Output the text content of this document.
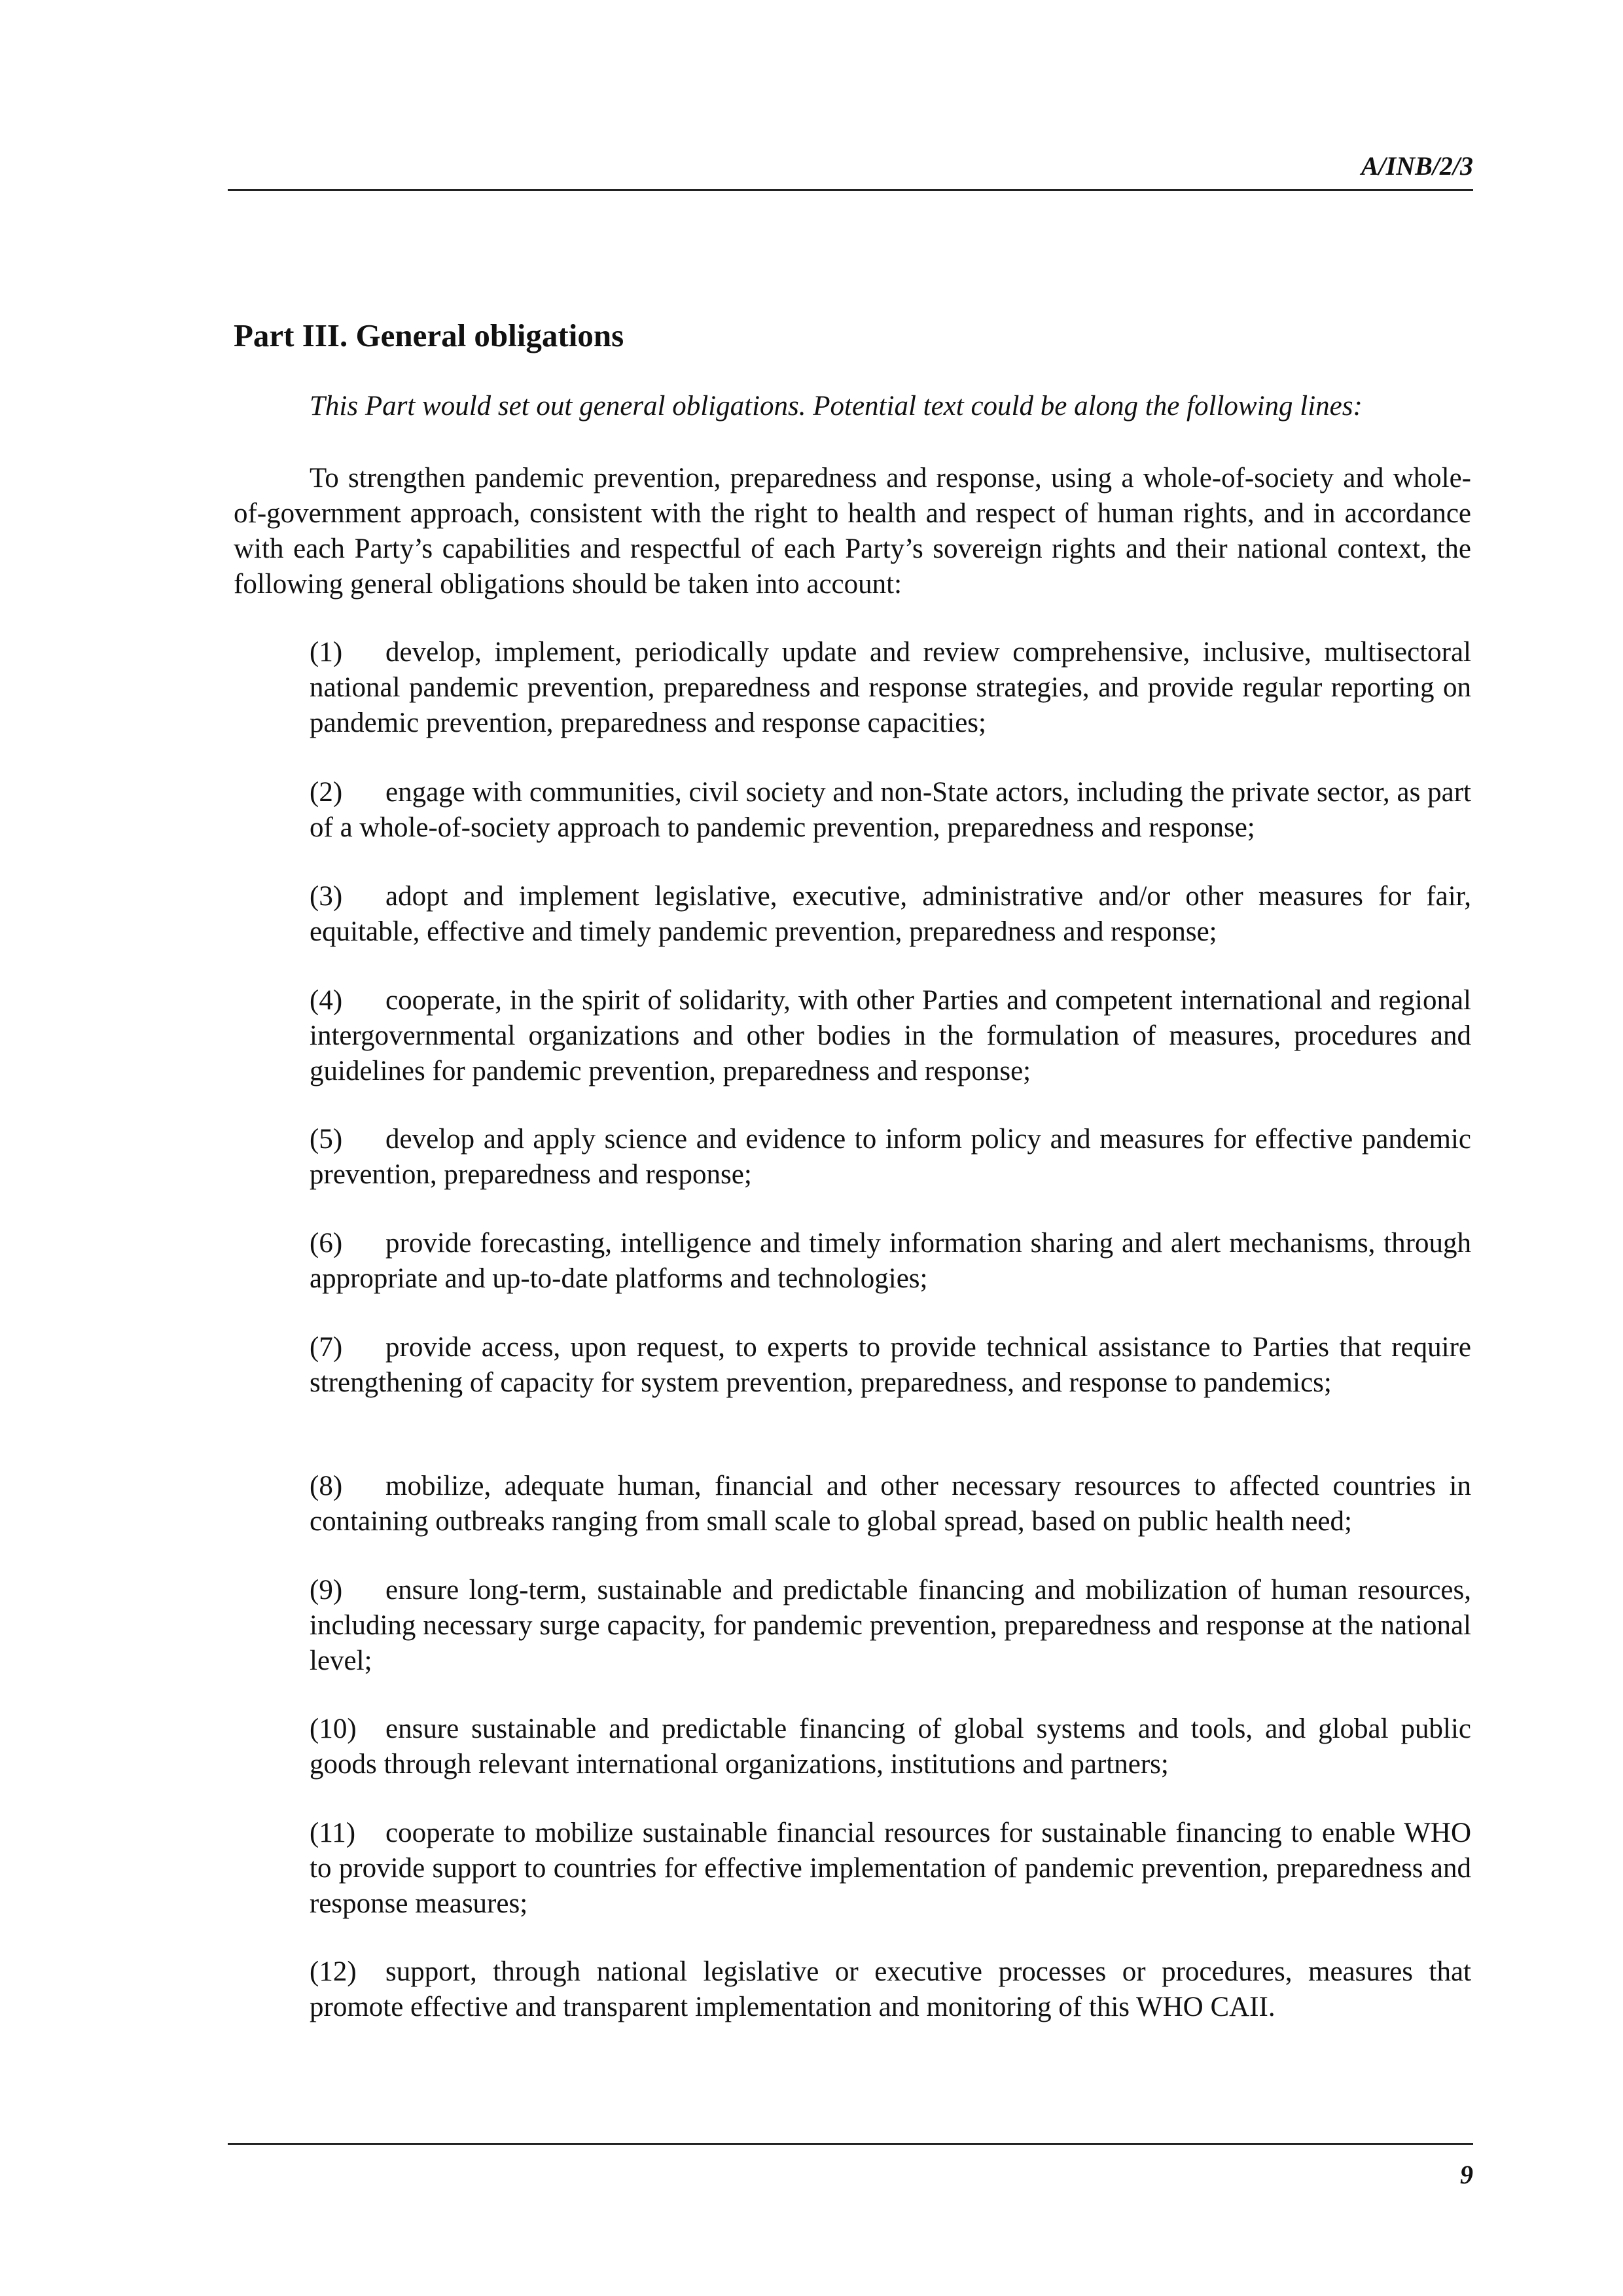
A/INB/2/3
Part III. General obligations

This Part would set out general obligations. Potential text could be along the following lines:

To strengthen pandemic prevention, preparedness and response, using a whole-of-society and whole-of-government approach, consistent with the right to health and respect of human rights, and in accordance with each Party’s capabilities and respectful of each Party’s sovereign rights and their national context, the following general obligations should be taken into account:

(1) develop, implement, periodically update and review comprehensive, inclusive, multisectoral national pandemic prevention, preparedness and response strategies, and provide regular reporting on pandemic prevention, preparedness and response capacities;

(2) engage with communities, civil society and non-State actors, including the private sector, as part of a whole-of-society approach to pandemic prevention, preparedness and response;

(3) adopt and implement legislative, executive, administrative and/or other measures for fair, equitable, effective and timely pandemic prevention, preparedness and response;

(4) cooperate, in the spirit of solidarity, with other Parties and competent international and regional intergovernmental organizations and other bodies in the formulation of measures, procedures and guidelines for pandemic prevention, preparedness and response;

(5) develop and apply science and evidence to inform policy and measures for effective pandemic prevention, preparedness and response;

(6) provide forecasting, intelligence and timely information sharing and alert mechanisms, through appropriate and up-to-date platforms and technologies;

(7) provide access, upon request, to experts to provide technical assistance to Parties that require strengthening of capacity for system prevention, preparedness, and response to pandemics;

(8) mobilize, adequate human, financial and other necessary resources to affected countries in containing outbreaks ranging from small scale to global spread, based on public health need;

(9) ensure long-term, sustainable and predictable financing and mobilization of human resources, including necessary surge capacity, for pandemic prevention, preparedness and response at the national level;

(10) ensure sustainable and predictable financing of global systems and tools, and global public goods through relevant international organizations, institutions and partners;

(11) cooperate to mobilize sustainable financial resources for sustainable financing to enable WHO to provide support to countries for effective implementation of pandemic prevention, preparedness and response measures;

(12) support, through national legislative or executive processes or procedures, measures that promote effective and transparent implementation and monitoring of this WHO CAII.

9
